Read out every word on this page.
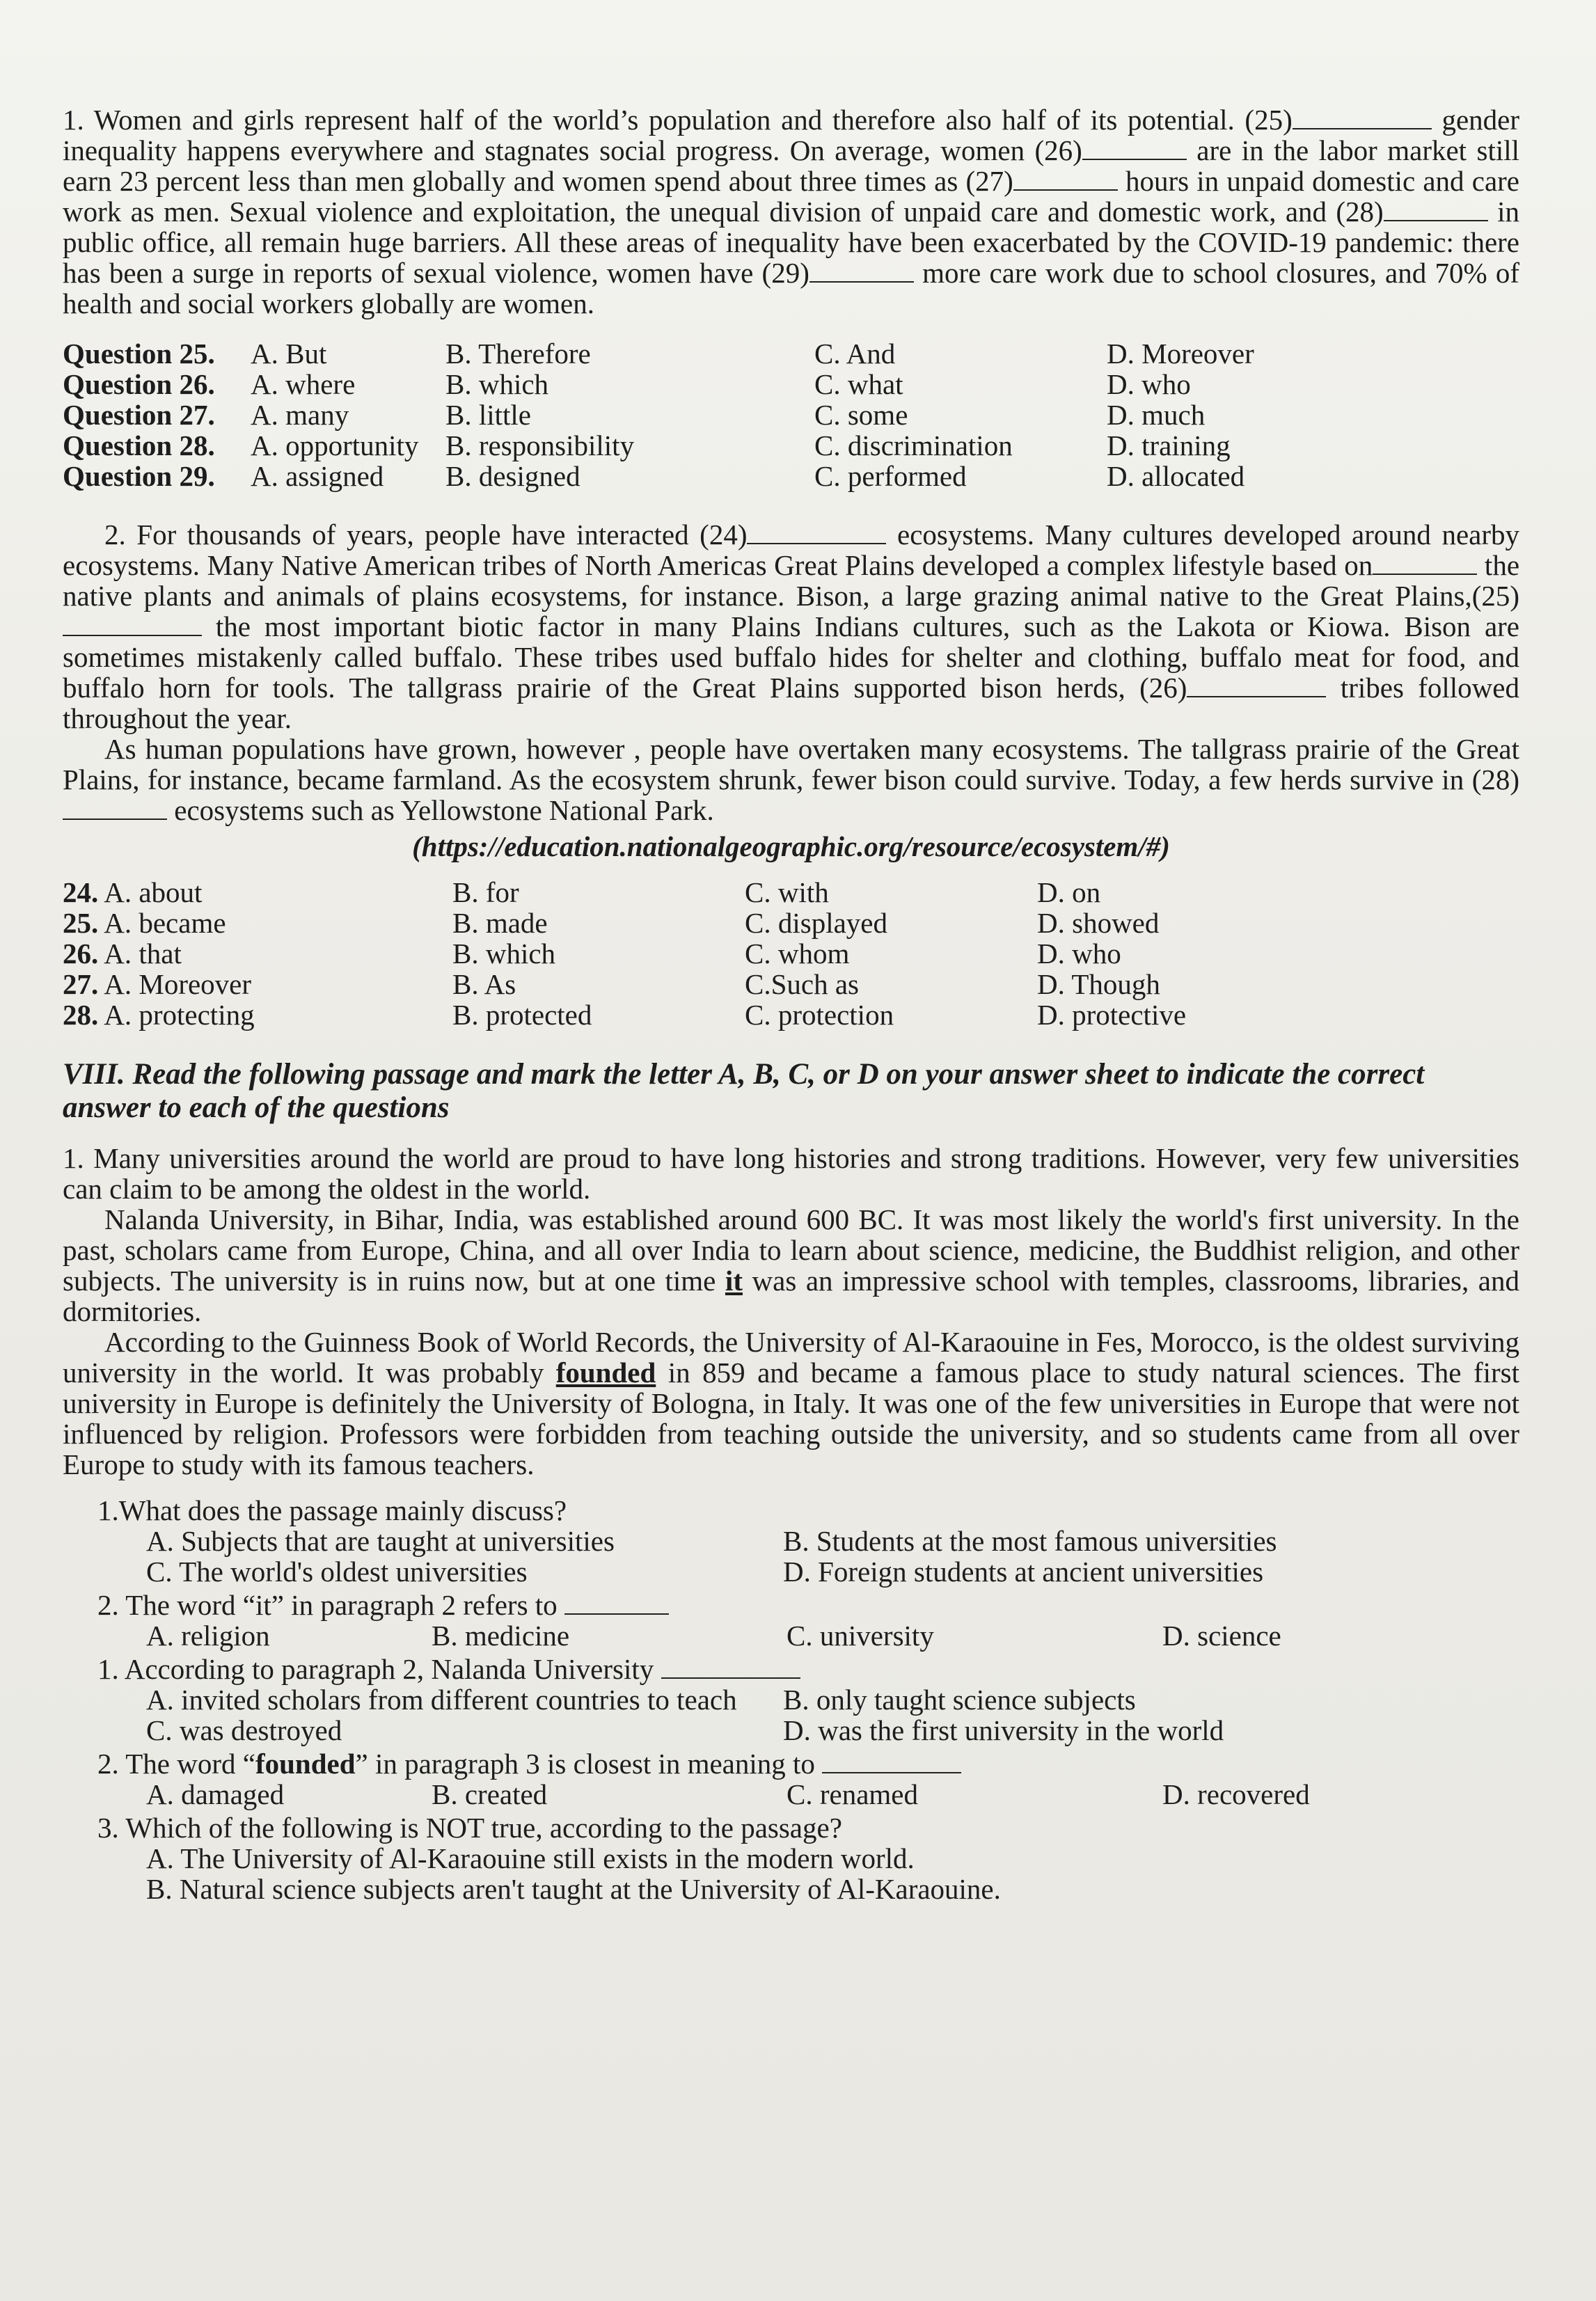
1. Women and girls represent half of the world’s population and therefore also half of its potential. (25)	gender inequality happens everywhere and stagnates social progress. On average, women (26)	are in the labor market still earn 23 percent less than men globally and women spend about three times as (27)	hours in unpaid domestic and care work as men. Sexual violence and exploitation, the unequal division of unpaid care and domestic work, and (28)	in public office, all remain huge barriers. All these areas of inequality have been exacerbated by the COVID-19 pandemic: there has been a surge in reports of sexual violence, women have (29)	more care work due to school closures, and 70% of health and social workers globally are women.

Question 25.	A. But	B. Therefore	C. And	D. Moreover
Question 26.	A. where	B. which	C. what	D. who
Question 27.	A. many	B. little	C. some	D. much
Question 28.	A. opportunity B. responsibility	C. discrimination	D. training
Question 29.	A. assigned	B. designed	C. performed	D. allocated

2. For thousands of years, people have interacted (24)	ecosystems. Many cultures developed around nearby ecosystems. Many Native American tribes of North Americas Great Plains developed a complex lifestyle based on	the native plants and animals of plains ecosystems, for instance. Bison, a large grazing animal native to the Great Plains,(25) the most important biotic factor in many Plains Indians cultures, such as the Lakota or Kiowa. Bison are sometimes mistakenly called buffalo. These tribes used buffalo hides for shelter and clothing, buffalo meat for food, and buffalo horn for tools. The tallgrass prairie of the Great Plains supported bison herds, (26)	tribes followed throughout the year.

As human populations have grown, however , people have overtaken many ecosystems. The tallgrass prairie of the Great Plains, for instance, became farmland. As the ecosystem shrunk, fewer bison could survive. Today, a few herds survive in (28) ecosystems such as Yellowstone National Park.

(https://education.nationalgeographic.org/resource/ecosystem/#)
24. A. about	B. for	C. with	D. on
25. A. became	B. made	C. displayed	D. showed
26. A. that	B. which	C. whom	D. who
27. A. Moreover	B. As	C.Such as	D. Though
28. A. protecting	B. protected	C. protection	D. protective
VIII. Read the following passage and mark the letter A, B, C, or D on your answer sheet to indicate the correct answer to each of the questions

1. Many universities around the world are proud to have long histories and strong traditions. However, very few universities can claim to be among the oldest in the world.

Nalanda University, in Bihar, India, was established around 600 BC. It was most likely the world's first university. In the past, scholars came from Europe, China, and all over India to learn about science, medicine, the Buddhist religion, and other subjects. The university is in ruins now, but at one time it was an impressive school with temples, classrooms, libraries, and dormitories.

According to the Guinness Book of World Records, the University of Al-Karaouine in Fes, Morocco, is the oldest surviving university in the world. It was probably founded in 859 and became a famous place to study natural sciences. The first university in Europe is definitely the University of Bologna, in Italy. It was one of the few universities in Europe that were not influenced by religion. Professors were forbidden from teaching outside the university, and so students came from all over Europe to study with its famous teachers.

1.What does the passage mainly discuss?
A. Subjects that are taught at universities	B. Students at the most famous universities
C. The world's oldest universities	D. Foreign students at ancient universities
2. The word “it” in paragraph 2 refers to
A. religion	B. medicine	C. university	D. science
1. According to paragraph 2, Nalanda University
A. invited scholars from different countries to teach	B. only taught science subjects
C. was destroyed	D. was the first university in the world
2. The word “founded” in paragraph 3 is closest in meaning to
A. damaged	B. created	C. renamed	D. recovered
3. Which of the following is NOT true, according to the passage?
A. The University of Al-Karaouine still exists in the modern world.
B. Natural science subjects aren't taught at the University of Al-Karaouine.
